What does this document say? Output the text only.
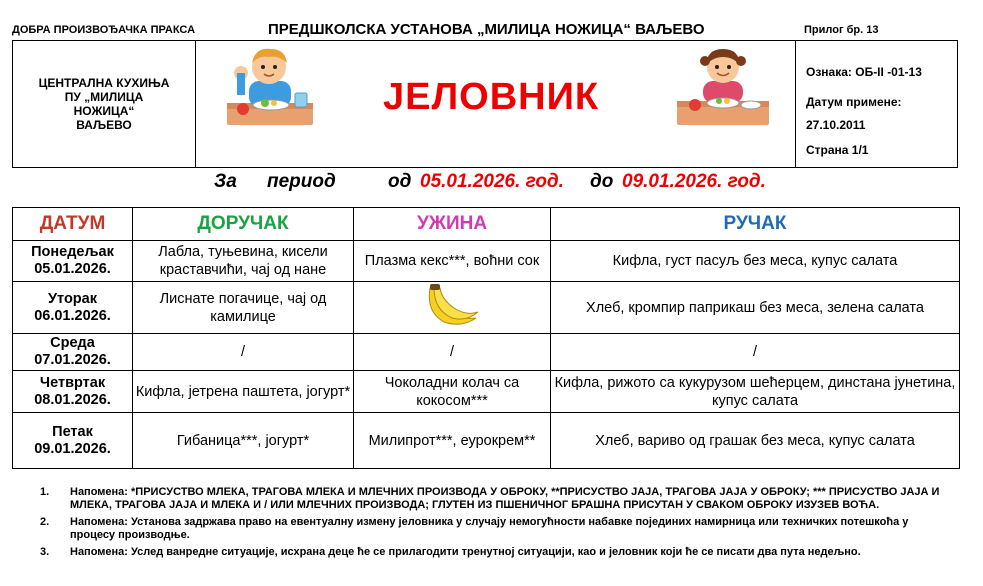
ДОБРА ПРОИЗВОЂАЧКА ПРАКСА	ПРЕДШКОЛСКА УСТАНОВА „МИЛИЦА НОЖИЦА“ ВАЉЕВО	Прилог бр. 13
ЦЕНТРАЛНА КУХИЊА
ПУ „МИЛИЦА
НОЖИЦА“
ВАЉЕВО
ЈЕЛОВНИК
Ознака: ОБ-II -01-13
Датум примене:
27.10.2011
Страна 1/1
За период	од 05.01.2026. год. до 09.01.2026. год.
ДАТУМ	ДОРУЧАК	УЖИНА	РУЧАК
Понедељак
05.01.2026.	Лабла, туњевина, кисели краставчићи, чај од нане	Плазма кекс***, воћни сок	Кифла, густ пасуљ без меса, купус салата
Уторак
06.01.2026.	Лиснате погачице, чај од камилице		Хлеб, кромпир паприкаш без меса, зелена салата
Среда
07.01.2026.	/	/	/
Четвртак
08.01.2026.	Кифла, јетрена паштета, јогурт*	Чоколадни колач са кокосом***	Кифла, рижото са кукурузом шећерцем, динстана јунетина, купус салата
Петак
09.01.2026.	Гибаница***, јогурт*	Милипрот***, еурокрем**	Хлеб, вариво од грашак без меса, купус салата
1. Напомена: *ПРИСУСТВО МЛЕКА, ТРАГОВА МЛЕКА И МЛЕЧНИХ ПРОИЗВОДА У ОБРОКУ, **ПРИСУСТВО ЈАЈА, ТРАГОВА ЈАЈА У ОБРОКУ; *** ПРИСУСТВО ЈАЈА И МЛЕКА, ТРАГОВА ЈАЈА И МЛЕКА И / ИЛИ МЛЕЧНИХ ПРОИЗВОДА; ГЛУТЕН ИЗ ПШЕНИЧНОГ БРАШНА ПРИСУТАН У СВАКОМ ОБРОКУ ИЗУЗЕВ ВОЋА.
2. Напомена: Установа задржава право на евентуалну измену јеловника у случају немогућности набавке појединих намирница или техничких потешкоћа у процесу производње.
3. Напомена: Услед ванредне ситуације, исхрана деце ће се прилагодити тренутној ситуацији, као и јеловник који ће се писати два пута недељно.
